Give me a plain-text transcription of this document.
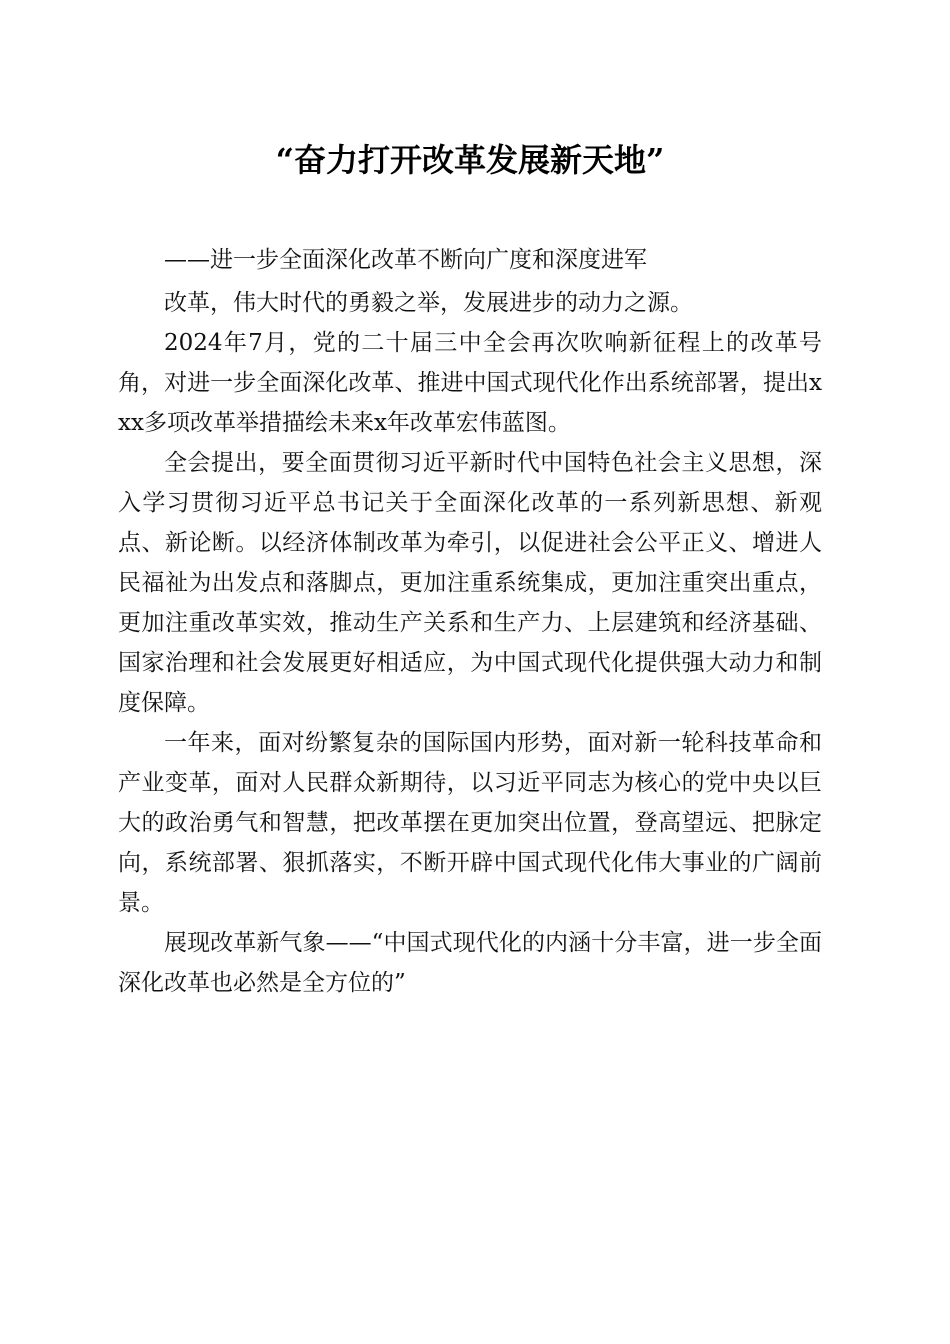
“奋力打开改革发展新天地”

——进一步全面深化改革不断向广度和深度进军

改革，伟大时代的勇毅之举，发展进步的动力之源。

2024年7月，党的二十届三中全会再次吹响新征程上的改革号角，对进一步全面深化改革、推进中国式现代化作出系统部署，提出xxx多项改革举措描绘未来x年改革宏伟蓝图。

全会提出，要全面贯彻习近平新时代中国特色社会主义思想，深入学习贯彻习近平总书记关于全面深化改革的一系列新思想、新观点、新论断。以经济体制改革为牵引，以促进社会公平正义、增进人民福祉为出发点和落脚点，更加注重系统集成，更加注重突出重点，更加注重改革实效，推动生产关系和生产力、上层建筑和经济基础、国家治理和社会发展更好相适应，为中国式现代化提供强大动力和制度保障。

一年来，面对纷繁复杂的国际国内形势，面对新一轮科技革命和产业变革，面对人民群众新期待，以习近平同志为核心的党中央以巨大的政治勇气和智慧，把改革摆在更加突出位置，登高望远、把脉定向，系统部署、狠抓落实，不断开辟中国式现代化伟大事业的广阔前景。

展现改革新气象——“中国式现代化的内涵十分丰富，进一步全面深化改革也必然是全方位的”
